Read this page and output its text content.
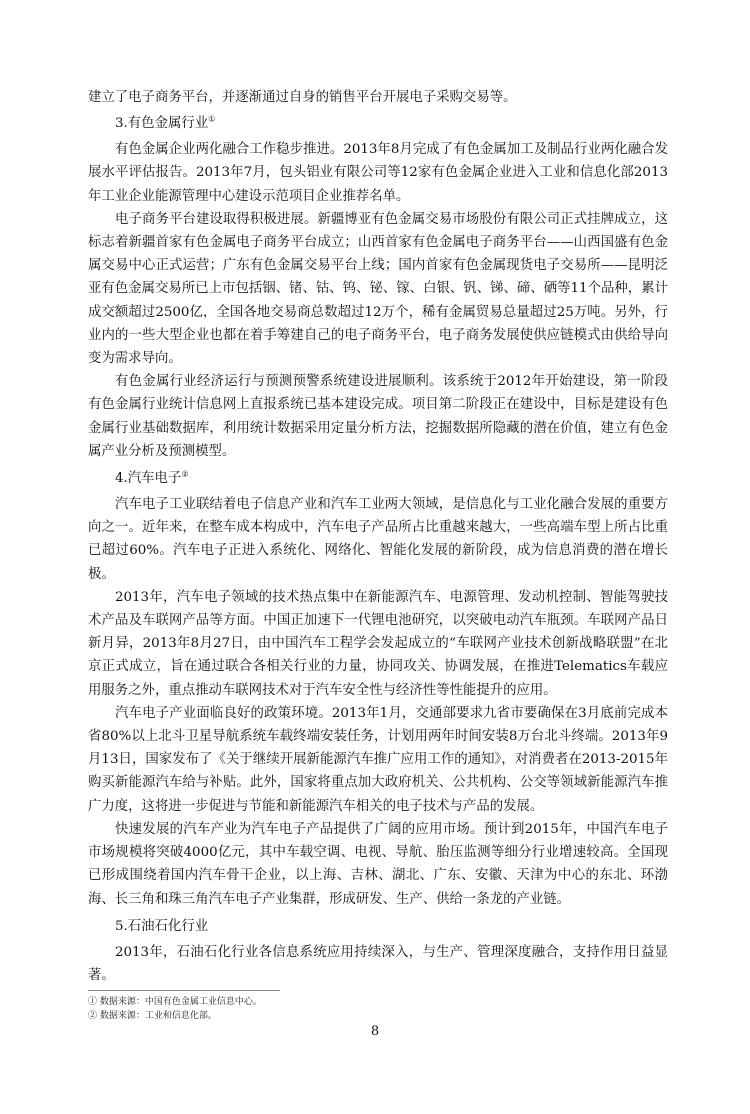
建立了电子商务平台，并逐渐通过自身的销售平台开展电子采购交易等。

3.有色金属行业①

有色金属企业两化融合工作稳步推进。2013年8月完成了有色金属加工及制品行业两化融合发展水平评估报告。2013年7月，包头铝业有限公司等12家有色金属企业进入工业和信息化部2013年工业企业能源管理中心建设示范项目企业推荐名单。

电子商务平台建设取得积极进展。新疆博亚有色金属交易市场股份有限公司正式挂牌成立，这标志着新疆首家有色金属电子商务平台成立；山西首家有色金属电子商务平台——山西国盛有色金属交易中心正式运营；广东有色金属交易平台上线；国内首家有色金属现货电子交易所——昆明泛亚有色金属交易所已上市包括铟、锗、钴、钨、铋、镓、白银、钒、锑、碲、硒等11个品种，累计成交额超过2500亿，全国各地交易商总数超过12万个，稀有金属贸易总量超过25万吨。另外，行业内的一些大型企业也都在着手筹建自己的电子商务平台，电子商务发展使供应链模式由供给导向变为需求导向。

有色金属行业经济运行与预测预警系统建设进展顺利。该系统于2012年开始建设，第一阶段有色金属行业统计信息网上直报系统已基本建设完成。项目第二阶段正在建设中，目标是建设有色金属行业基础数据库，利用统计数据采用定量分析方法，挖掘数据所隐藏的潜在价值，建立有色金属产业分析及预测模型。

4.汽车电子②

汽车电子工业联结着电子信息产业和汽车工业两大领域，是信息化与工业化融合发展的重要方向之一。近年来，在整车成本构成中，汽车电子产品所占比重越来越大，一些高端车型上所占比重已超过60%。汽车电子正进入系统化、网络化、智能化发展的新阶段，成为信息消费的潜在增长极。

2013年，汽车电子领域的技术热点集中在新能源汽车、电源管理、发动机控制、智能驾驶技术产品及车联网产品等方面。中国正加速下一代锂电池研究，以突破电动汽车瓶颈。车联网产品日新月异，2013年8月27日，由中国汽车工程学会发起成立的“车联网产业技术创新战略联盟”在北京正式成立，旨在通过联合各相关行业的力量，协同攻关、协调发展，在推进Telematics车载应用服务之外，重点推动车联网技术对于汽车安全性与经济性等性能提升的应用。

汽车电子产业面临良好的政策环境。2013年1月，交通部要求九省市要确保在3月底前完成本省80%以上北斗卫星导航系统车载终端安装任务，计划用两年时间安装8万台北斗终端。2013年9月13日，国家发布了《关于继续开展新能源汽车推广应用工作的通知》，对消费者在2013-2015年购买新能源汽车给与补贴。此外，国家将重点加大政府机关、公共机构、公交等领域新能源汽车推广力度，这将进一步促进与节能和新能源汽车相关的电子技术与产品的发展。

快速发展的汽车产业为汽车电子产品提供了广阔的应用市场。预计到2015年，中国汽车电子市场规模将突破4000亿元，其中车载空调、电视、导航、胎压监测等细分行业增速较高。全国现已形成围绕着国内汽车骨干企业，以上海、吉林、湖北、广东、安徽、天津为中心的东北、环渤海、长三角和珠三角汽车电子产业集群，形成研发、生产、供给一条龙的产业链。

5.石油石化行业

2013年，石油石化行业各信息系统应用持续深入，与生产、管理深度融合，支持作用日益显著。

① 数据来源：中国有色金属工业信息中心。
② 数据来源：工业和信息化部。
8
